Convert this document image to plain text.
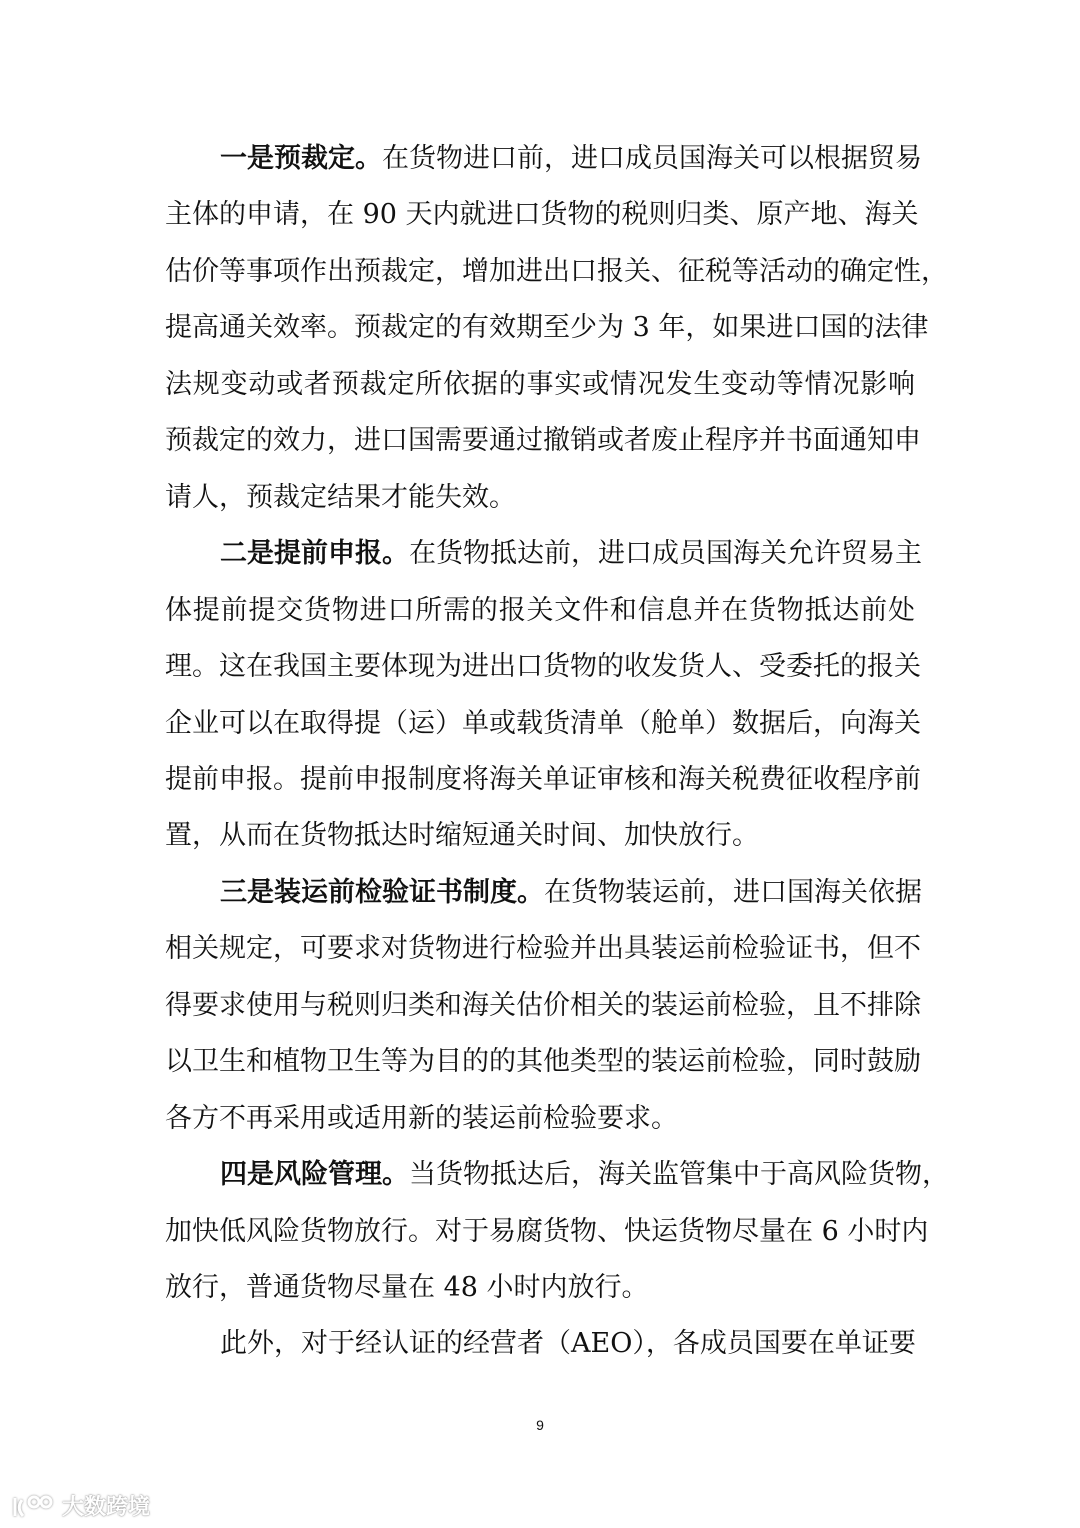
一是预裁定。在货物进口前，进口成员国海关可以根据贸易
主体的申请，在 90 天内就进口货物的税则归类、原产地、海关
估价等事项作出预裁定，增加进出口报关、征税等活动的确定性，
提高通关效率。预裁定的有效期至少为 3 年，如果进口国的法律
法规变动或者预裁定所依据的事实或情况发生变动等情况影响
预裁定的效力，进口国需要通过撤销或者废止程序并书面通知申
请人，预裁定结果才能失效。
二是提前申报。在货物抵达前，进口成员国海关允许贸易主
体提前提交货物进口所需的报关文件和信息并在货物抵达前处
理。这在我国主要体现为进出口货物的收发货人、受委托的报关
企业可以在取得提（运）单或载货清单（舱单）数据后，向海关
提前申报。提前申报制度将海关单证审核和海关税费征收程序前
置，从而在货物抵达时缩短通关时间、加快放行。
三是装运前检验证书制度。在货物装运前，进口国海关依据
相关规定，可要求对货物进行检验并出具装运前检验证书，但不
得要求使用与税则归类和海关估价相关的装运前检验，且不排除
以卫生和植物卫生等为目的的其他类型的装运前检验，同时鼓励
各方不再采用或适用新的装运前检验要求。
四是风险管理。当货物抵达后，海关监管集中于高风险货物，
加快低风险货物放行。对于易腐货物、快运货物尽量在 6 小时内
放行，普通货物尽量在 48 小时内放行。
此外，对于经认证的经营者（AEO），各成员国要在单证要
9
大数跨境
